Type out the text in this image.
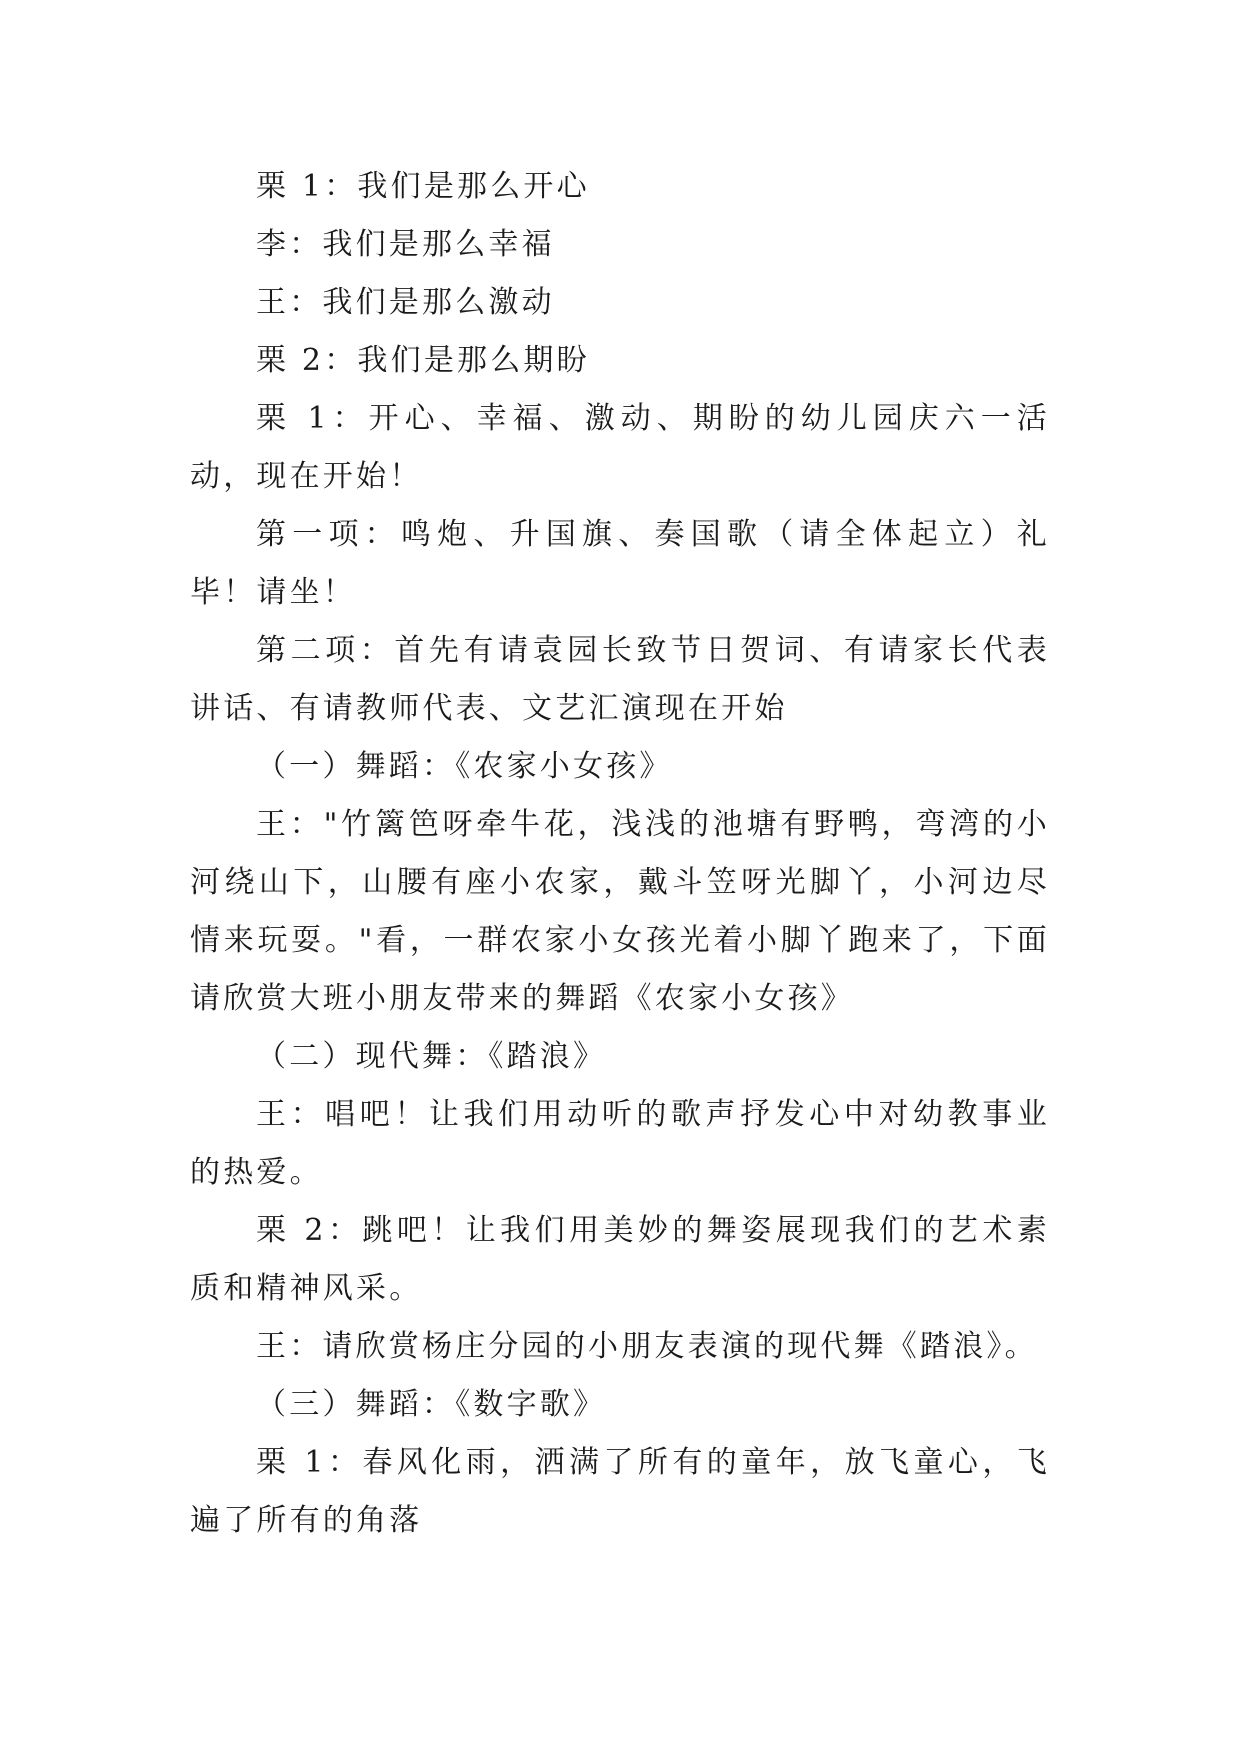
栗 1：我们是那么开心

李：我们是那么幸福

王：我们是那么激动

栗 2：我们是那么期盼

栗 1：开心、幸福、激动、期盼的幼儿园庆六一活动，现在开始！

第一项：鸣炮、升国旗、奏国歌（请全体起立）礼毕！请坐！

第二项：首先有请袁园长致节日贺词、有请家长代表讲话、有请教师代表、文艺汇演现在开始

（一）舞蹈：《农家小女孩》

王："竹篱笆呀牵牛花，浅浅的池塘有野鸭，弯湾的小河绕山下，山腰有座小农家，戴斗笠呀光脚丫，小河边尽情来玩耍。"看，一群农家小女孩光着小脚丫跑来了，下面请欣赏大班小朋友带来的舞蹈《农家小女孩》

（二）现代舞：《踏浪》

王：唱吧！让我们用动听的歌声抒发心中对幼教事业的热爱。

栗 2：跳吧！让我们用美妙的舞姿展现我们的艺术素质和精神风采。

王：请欣赏杨庄分园的小朋友表演的现代舞《踏浪》。

（三）舞蹈：《数字歌》

栗 1：春风化雨，洒满了所有的童年，放飞童心，飞遍了所有的角落
